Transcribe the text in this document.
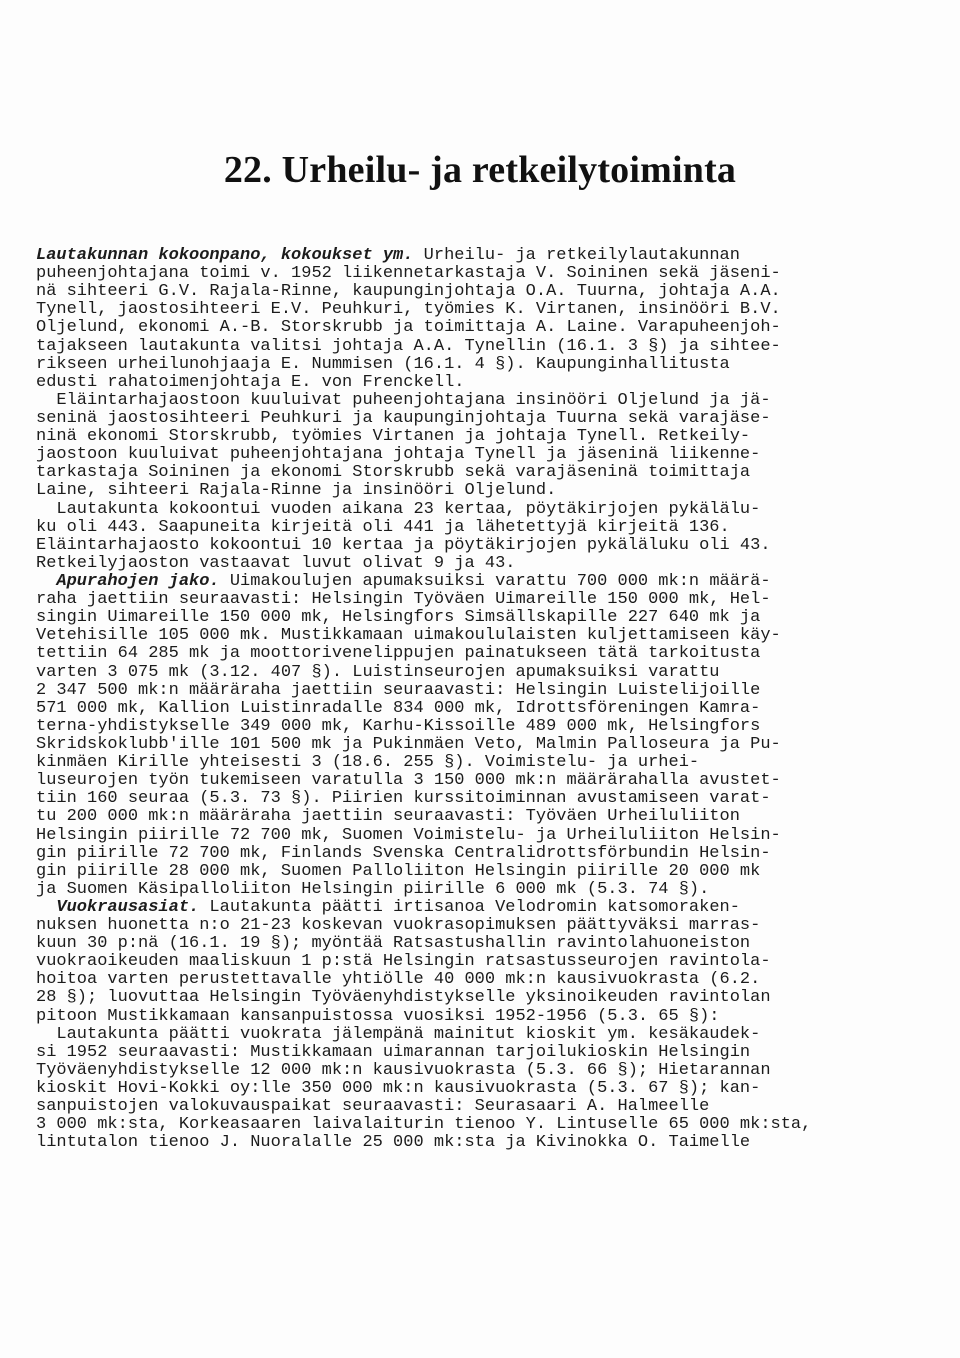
22. Urheilu- ja retkeilytoiminta
Lautakunnan kokoonpano, kokoukset ym. Urheilu- ja retkeilylautakunnan
puheenjohtajana toimi v. 1952 liikennetarkastaja V. Soininen sekä jäseni-
nä sihteeri G.V. Rajala-Rinne, kaupunginjohtaja O.A. Tuurna, johtaja A.A.
Tynell, jaostosihteeri E.V. Peuhkuri, työmies K. Virtanen, insinööri B.V.
Oljelund, ekonomi A.-B. Storskrubb ja toimittaja A. Laine. Varapuheenjoh-
tajakseen lautakunta valitsi johtaja A.A. Tynellin (16.1. 3 §) ja sihtee-
rikseen urheilunohjaaja E. Nummisen (16.1. 4 §). Kaupunginhallitusta
edusti rahatoimenjohtaja E. von Frenckell.
Eläintarhajaostoon kuuluivat puheenjohtajana insinööri Oljelund ja jä-
seninä jaostosihteeri Peuhkuri ja kaupunginjohtaja Tuurna sekä varajäse-
ninä ekonomi Storskrubb, työmies Virtanen ja johtaja Tynell. Retkeily-
jaostoon kuuluivat puheenjohtajana johtaja Tynell ja jäseninä liikenne-
tarkastaja Soininen ja ekonomi Storskrubb sekä varajäseninä toimittaja
Laine, sihteeri Rajala-Rinne ja insinööri Oljelund.
Lautakunta kokoontui vuoden aikana 23 kertaa, pöytäkirjojen pykälälu-
ku oli 443. Saapuneita kirjeitä oli 441 ja lähetettyjä kirjeitä 136.
Eläintarhajaosto kokoontui 10 kertaa ja pöytäkirjojen pykäläluku oli 43.
Retkeilyjaoston vastaavat luvut olivat 9 ja 43.
Apurahojen jako. Uimakoulujen apumaksuiksi varattu 700 000 mk:n määrä-
raha jaettiin seuraavasti: Helsingin Työväen Uimareille 150 000 mk, Hel-
singin Uimareille 150 000 mk, Helsingfors Simsällskapille 227 640 mk ja
Vetehisille 105 000 mk. Mustikkamaan uimakoululaisten kuljettamiseen käy-
tettiin 64 285 mk ja moottorivenelippujen painatukseen tätä tarkoitusta
varten 3 075 mk (3.12. 407 §). Luistinseurojen apumaksuiksi varattu
2 347 500 mk:n määräraha jaettiin seuraavasti: Helsingin Luistelijoille
571 000 mk, Kallion Luistinradalle 834 000 mk, Idrottsföreningen Kamra-
terna-yhdistykselle 349 000 mk, Karhu-Kissoille 489 000 mk, Helsingfors
Skridskoklubb'ille 101 500 mk ja Pukinmäen Veto, Malmin Palloseura ja Pu-
kinmäen Kirille yhteisesti 3 (18.6. 255 §). Voimistelu- ja urhei-
luseurojen työn tukemiseen varatulla 3 150 000 mk:n määrärahalla avustet-
tiin 160 seuraa (5.3. 73 §). Piirien kurssitoiminnan avustamiseen varat-
tu 200 000 mk:n määräraha jaettiin seuraavasti: Työväen Urheiluliiton
Helsingin piirille 72 700 mk, Suomen Voimistelu- ja Urheiluliiton Helsin-
gin piirille 72 700 mk, Finlands Svenska Centralidrottsförbundin Helsin-
gin piirille 28 000 mk, Suomen Palloliiton Helsingin piirille 20 000 mk
ja Suomen Käsipalloliiton Helsingin piirille 6 000 mk (5.3. 74 §).
Vuokrausasiat. Lautakunta päätti irtisanoa Velodromin katsomoraken-
nuksen huonetta n:o 21-23 koskevan vuokrasopimuksen päättyväksi marras-
kuun 30 p:nä (16.1. 19 §); myöntää Ratsastushallin ravintolahuoneiston
vuokraoikeuden maaliskuun 1 p:stä Helsingin ratsastusseurojen ravintola-
hoitoa varten perustettavalle yhtiölle 40 000 mk:n kausivuokrasta (6.2.
28 §); luovuttaa Helsingin Työväenyhdistykselle yksinoikeuden ravintolan
pitoon Mustikkamaan kansanpuistossa vuosiksi 1952-1956 (5.3. 65 §):
Lautakunta päätti vuokrata jälempänä mainitut kioskit ym. kesäkaudek-
si 1952 seuraavasti: Mustikkamaan uimarannan tarjoilukioskin Helsingin
Työväenyhdistykselle 12 000 mk:n kausivuokrasta (5.3. 66 §); Hietarannan
kioskit Hovi-Kokki oy:lle 350 000 mk:n kausivuokrasta (5.3. 67 §); kan-
sanpuistojen valokuvauspaikat seuraavasti: Seurasaari A. Halmeelle
3 000 mk:sta, Korkeasaaren laivalaiturin tienoo Y. Lintuselle 65 000 mk:sta,
lintutalon tienoo J. Nuoralalle 25 000 mk:sta ja Kivinokka O. Taimelle
